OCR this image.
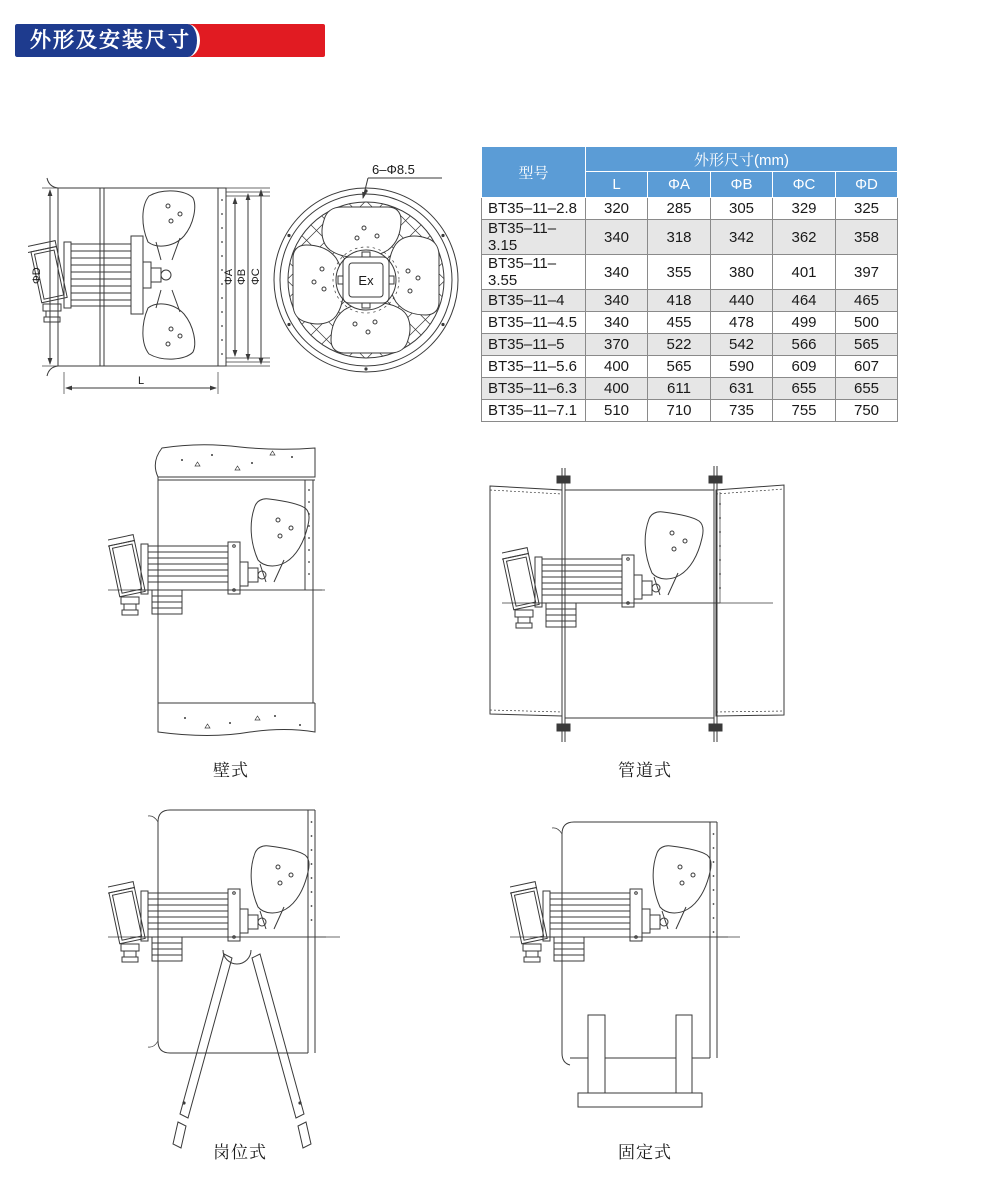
外形及安装尺寸
ΦD	ΦA ΦB ΦC
L
Ex
6–Φ8.5	型号	外形尺寸(mm)				
	L	ΦA	ΦB	ΦC	ΦD
BT35–11–2.8	320	285	305	329	325
BT35–11–3.15	340	318	342	362	358
BT35–11–3.55	340	355	380	401	397
BT35–11–4	340	418	440	464	465
BT35–11–4.5	340	455	478	499	500
BT35–11–5	370	522	542	566	565
BT35–11–5.6	400	565	590	609	607
BT35–11–6.3	400	611	631	655	655
BT35–11–7.1	510	710	735	755	750
壁式	管道式
岗位式	固定式
